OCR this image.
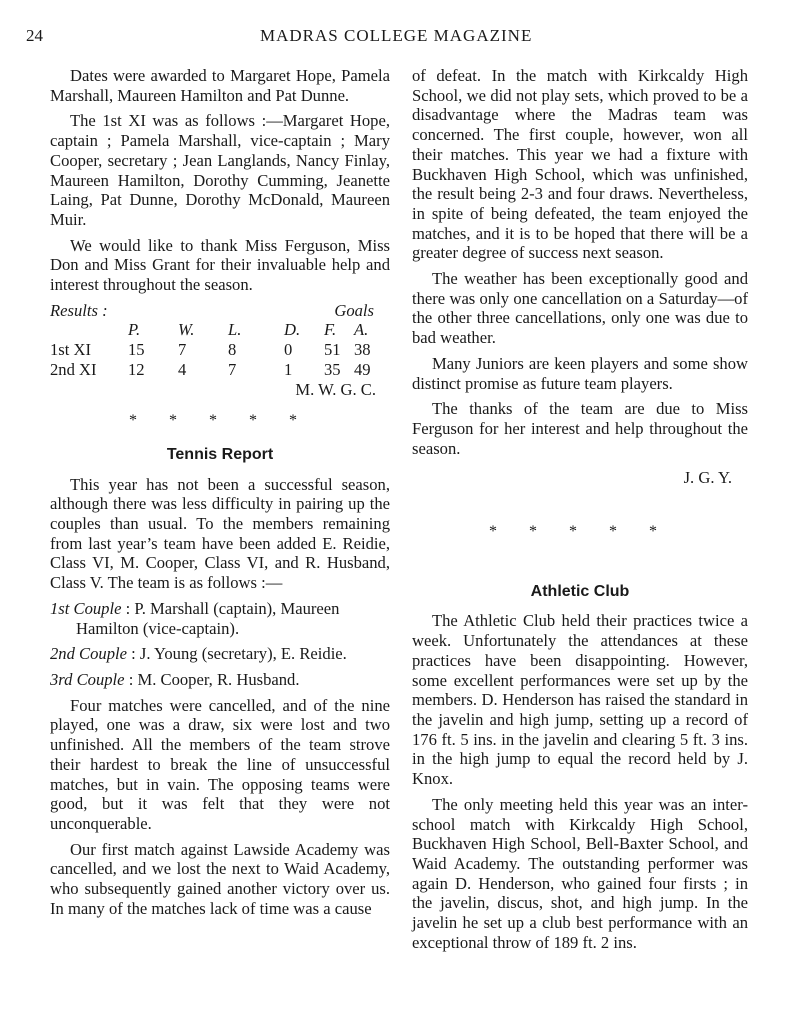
24	MADRAS COLLEGE MAGAZINE

Dates were awarded to Margaret Hope, Pamela Marshall, Maureen Hamilton and Pat Dunne.

The 1st XI was as follows :—Margaret Hope, captain ; Pamela Marshall, vice-captain ; Mary Cooper, secretary ; Jean Langlands, Nancy Finlay, Maureen Hamilton, Dorothy Cumming, Jeanette Laing, Pat Dunne, Dorothy McDonald, Maureen Muir.

We would like to thank Miss Ferguson, Miss Don and Miss Grant for their invaluable help and interest throughout the season.

Results :	Goals
	P.	W.	L.	D.	F.	A.
1st XI	15	7	8	0	51	38
2nd XI	12	4	7	1	35	49
M. W. G. C.
* * * * *
Tennis Report

This year has not been a successful season, although there was less difficulty in pairing up the couples than usual. To the members remaining from last year’s team have been added E. Reidie, Class VI, M. Cooper, Class VI, and R. Husband, Class V. The team is as follows :—

1st Couple : P. Marshall (captain), Maureen Hamilton (vice-captain).
2nd Couple : J. Young (secretary), E. Reidie.
3rd Couple : M. Cooper, R. Husband.

Four matches were cancelled, and of the nine played, one was a draw, six were lost and two unfinished. All the members of the team strove their hardest to break the line of unsuccessful matches, but in vain. The opposing teams were good, but it was felt that they were not unconquerable.

Our first match against Lawside Academy was cancelled, and we lost the next to Waid Academy, who subsequently gained another victory over us. In many of the matches lack of time was a cause

of defeat. In the match with Kirkcaldy High School, we did not play sets, which proved to be a disadvantage where the Madras team was concerned. The first couple, however, won all their matches. This year we had a fixture with Buckhaven High School, which was unfinished, the result being 2-3 and four draws. Nevertheless, in spite of being defeated, the team enjoyed the matches, and it is to be hoped that there will be a greater degree of success next season.

The weather has been exceptionally good and there was only one cancellation on a Saturday—of the other three cancellations, only one was due to bad weather.

Many Juniors are keen players and some show distinct promise as future team players.

The thanks of the team are due to Miss Ferguson for her interest and help throughout the season.

J. G. Y.
* * * * *
Athletic Club

The Athletic Club held their practices twice a week. Unfortunately the attendances at these practices have been disappointing. However, some excellent performances were set up by the members. D. Henderson has raised the standard in the javelin and high jump, setting up a record of 176 ft. 5 ins. in the javelin and clearing 5 ft. 3 ins. in the high jump to equal the record held by J. Knox.

The only meeting held this year was an inter-school match with Kirkcaldy High School, Buckhaven High School, Bell-Baxter School, and Waid Academy. The outstanding performer was again D. Henderson, who gained four firsts ; in the javelin, discus, shot, and high jump. In the javelin he set up a club best performance with an exceptional throw of 189 ft. 2 ins.
